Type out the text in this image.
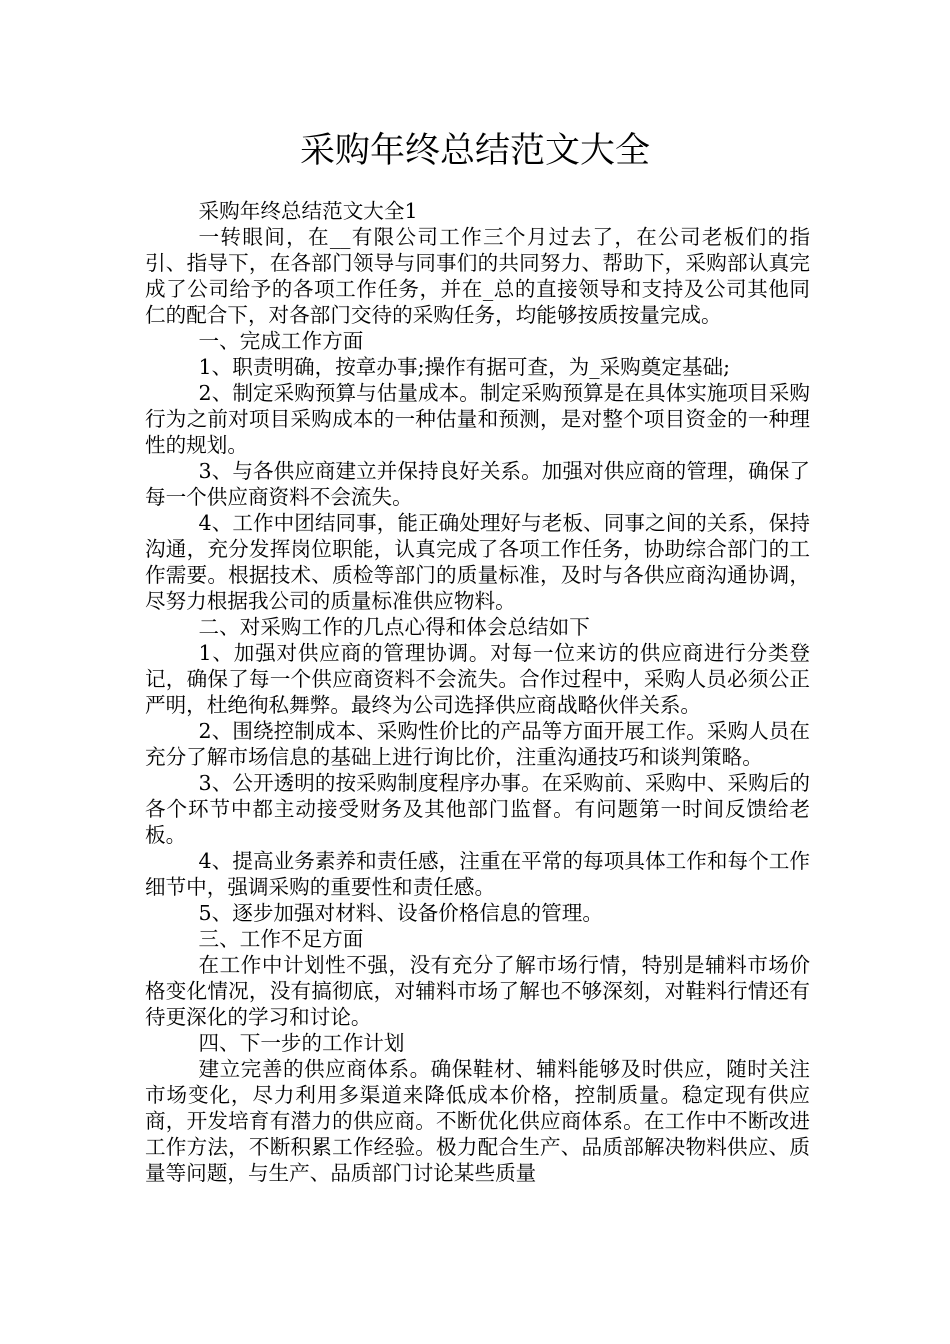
采购年终总结范文大全

采购年终总结范文大全1

一转眼间，在__有限公司工作三个月过去了，在公司老板们的指引、指导下，在各部门领导与同事们的共同努力、帮助下，采购部认真完成了公司给予的各项工作任务，并在_总的直接领导和支持及公司其他同仁的配合下，对各部门交待的采购任务，均能够按质按量完成。

一、完成工作方面

1、职责明确，按章办事;操作有据可查，为_采购奠定基础;

2、制定采购预算与估量成本。制定采购预算是在具体实施项目采购行为之前对项目采购成本的一种估量和预测，是对整个项目资金的一种理性的规划。

3、与各供应商建立并保持良好关系。加强对供应商的管理，确保了每一个供应商资料不会流失。

4、工作中团结同事，能正确处理好与老板、同事之间的关系，保持沟通，充分发挥岗位职能，认真完成了各项工作任务，协助综合部门的工作需要。根据技术、质检等部门的质量标准，及时与各供应商沟通协调，尽努力根据我公司的质量标准供应物料。

二、对采购工作的几点心得和体会总结如下

1、加强对供应商的管理协调。对每一位来访的供应商进行分类登记，确保了每一个供应商资料不会流失。合作过程中，采购人员必须公正严明，杜绝徇私舞弊。最终为公司选择供应商战略伙伴关系。

2、围绕控制成本、采购性价比的产品等方面开展工作。采购人员在充分了解市场信息的基础上进行询比价，注重沟通技巧和谈判策略。

3、公开透明的按采购制度程序办事。在采购前、采购中、采购后的各个环节中都主动接受财务及其他部门监督。有问题第一时间反馈给老板。

4、提高业务素养和责任感，注重在平常的每项具体工作和每个工作细节中，强调采购的重要性和责任感。

5、逐步加强对材料、设备价格信息的管理。

三、工作不足方面

在工作中计划性不强，没有充分了解市场行情，特别是辅料市场价格变化情况，没有搞彻底，对辅料市场了解也不够深刻，对鞋料行情还有待更深化的学习和讨论。

四、下一步的工作计划

建立完善的供应商体系。确保鞋材、辅料能够及时供应，随时关注市场变化，尽力利用多渠道来降低成本价格，控制质量。稳定现有供应商，开发培育有潜力的供应商。不断优化供应商体系。在工作中不断改进工作方法，不断积累工作经验。极力配合生产、品质部解决物料供应、质量等问题，与生产、品质部门讨论某些质量
